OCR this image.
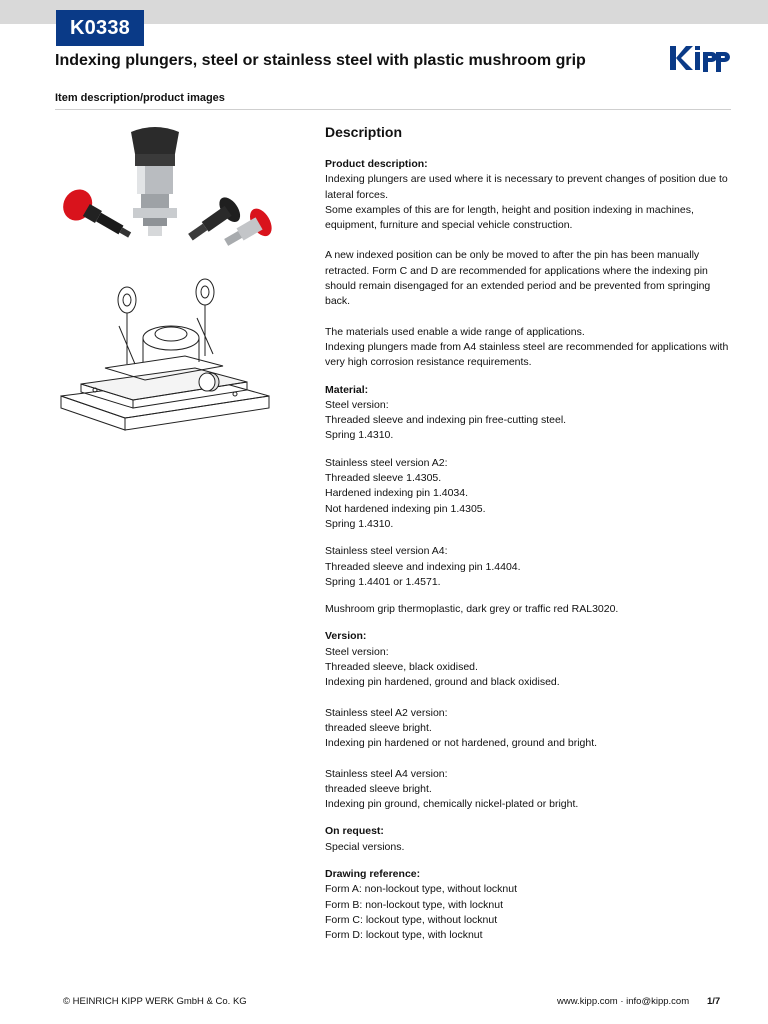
K0338
Indexing plungers, steel or stainless steel with plastic mushroom grip
Item description/product images
Description

Product description:
Indexing plungers are used where it is necessary to prevent changes of position due to lateral forces.
Some examples of this are for length, height and position indexing in machines, equipment, furniture and special vehicle construction.

A new indexed position can be only be moved to after the pin has been manually retracted. Form C and D are recommended for applications where the indexing pin should remain disengaged for an extended period and be prevented from springing back.

The materials used enable a wide range of applications.
Indexing plungers made from A4 stainless steel are recommended for applications with very high corrosion resistance requirements.

Material:
Steel version:
Threaded sleeve and indexing pin free-cutting steel.
Spring 1.4310.

Stainless steel version A2:
Threaded sleeve 1.4305.
Hardened indexing pin 1.4034.
Not hardened indexing pin 1.4305.
Spring 1.4310.

Stainless steel version A4:
Threaded sleeve and indexing pin 1.4404.
Spring 1.4401 or 1.4571.

Mushroom grip thermoplastic, dark grey or traffic red RAL3020.

Version:
Steel version:
Threaded sleeve, black oxidised.
Indexing pin hardened, ground and black oxidised.

Stainless steel A2 version:
threaded sleeve bright.
Indexing pin hardened or not hardened, ground and bright.

Stainless steel A4 version:
threaded sleeve bright.
Indexing pin ground, chemically nickel-plated or bright.

On request:
Special versions.

Drawing reference:
Form A: non-lockout type, without locknut
Form B: non-lockout type, with locknut
Form C: lockout type, without locknut
Form D: lockout type, with locknut

© HEINRICH KIPP WERK GmbH & Co. KG	www.kipp.com · info@kipp.com 1/7
